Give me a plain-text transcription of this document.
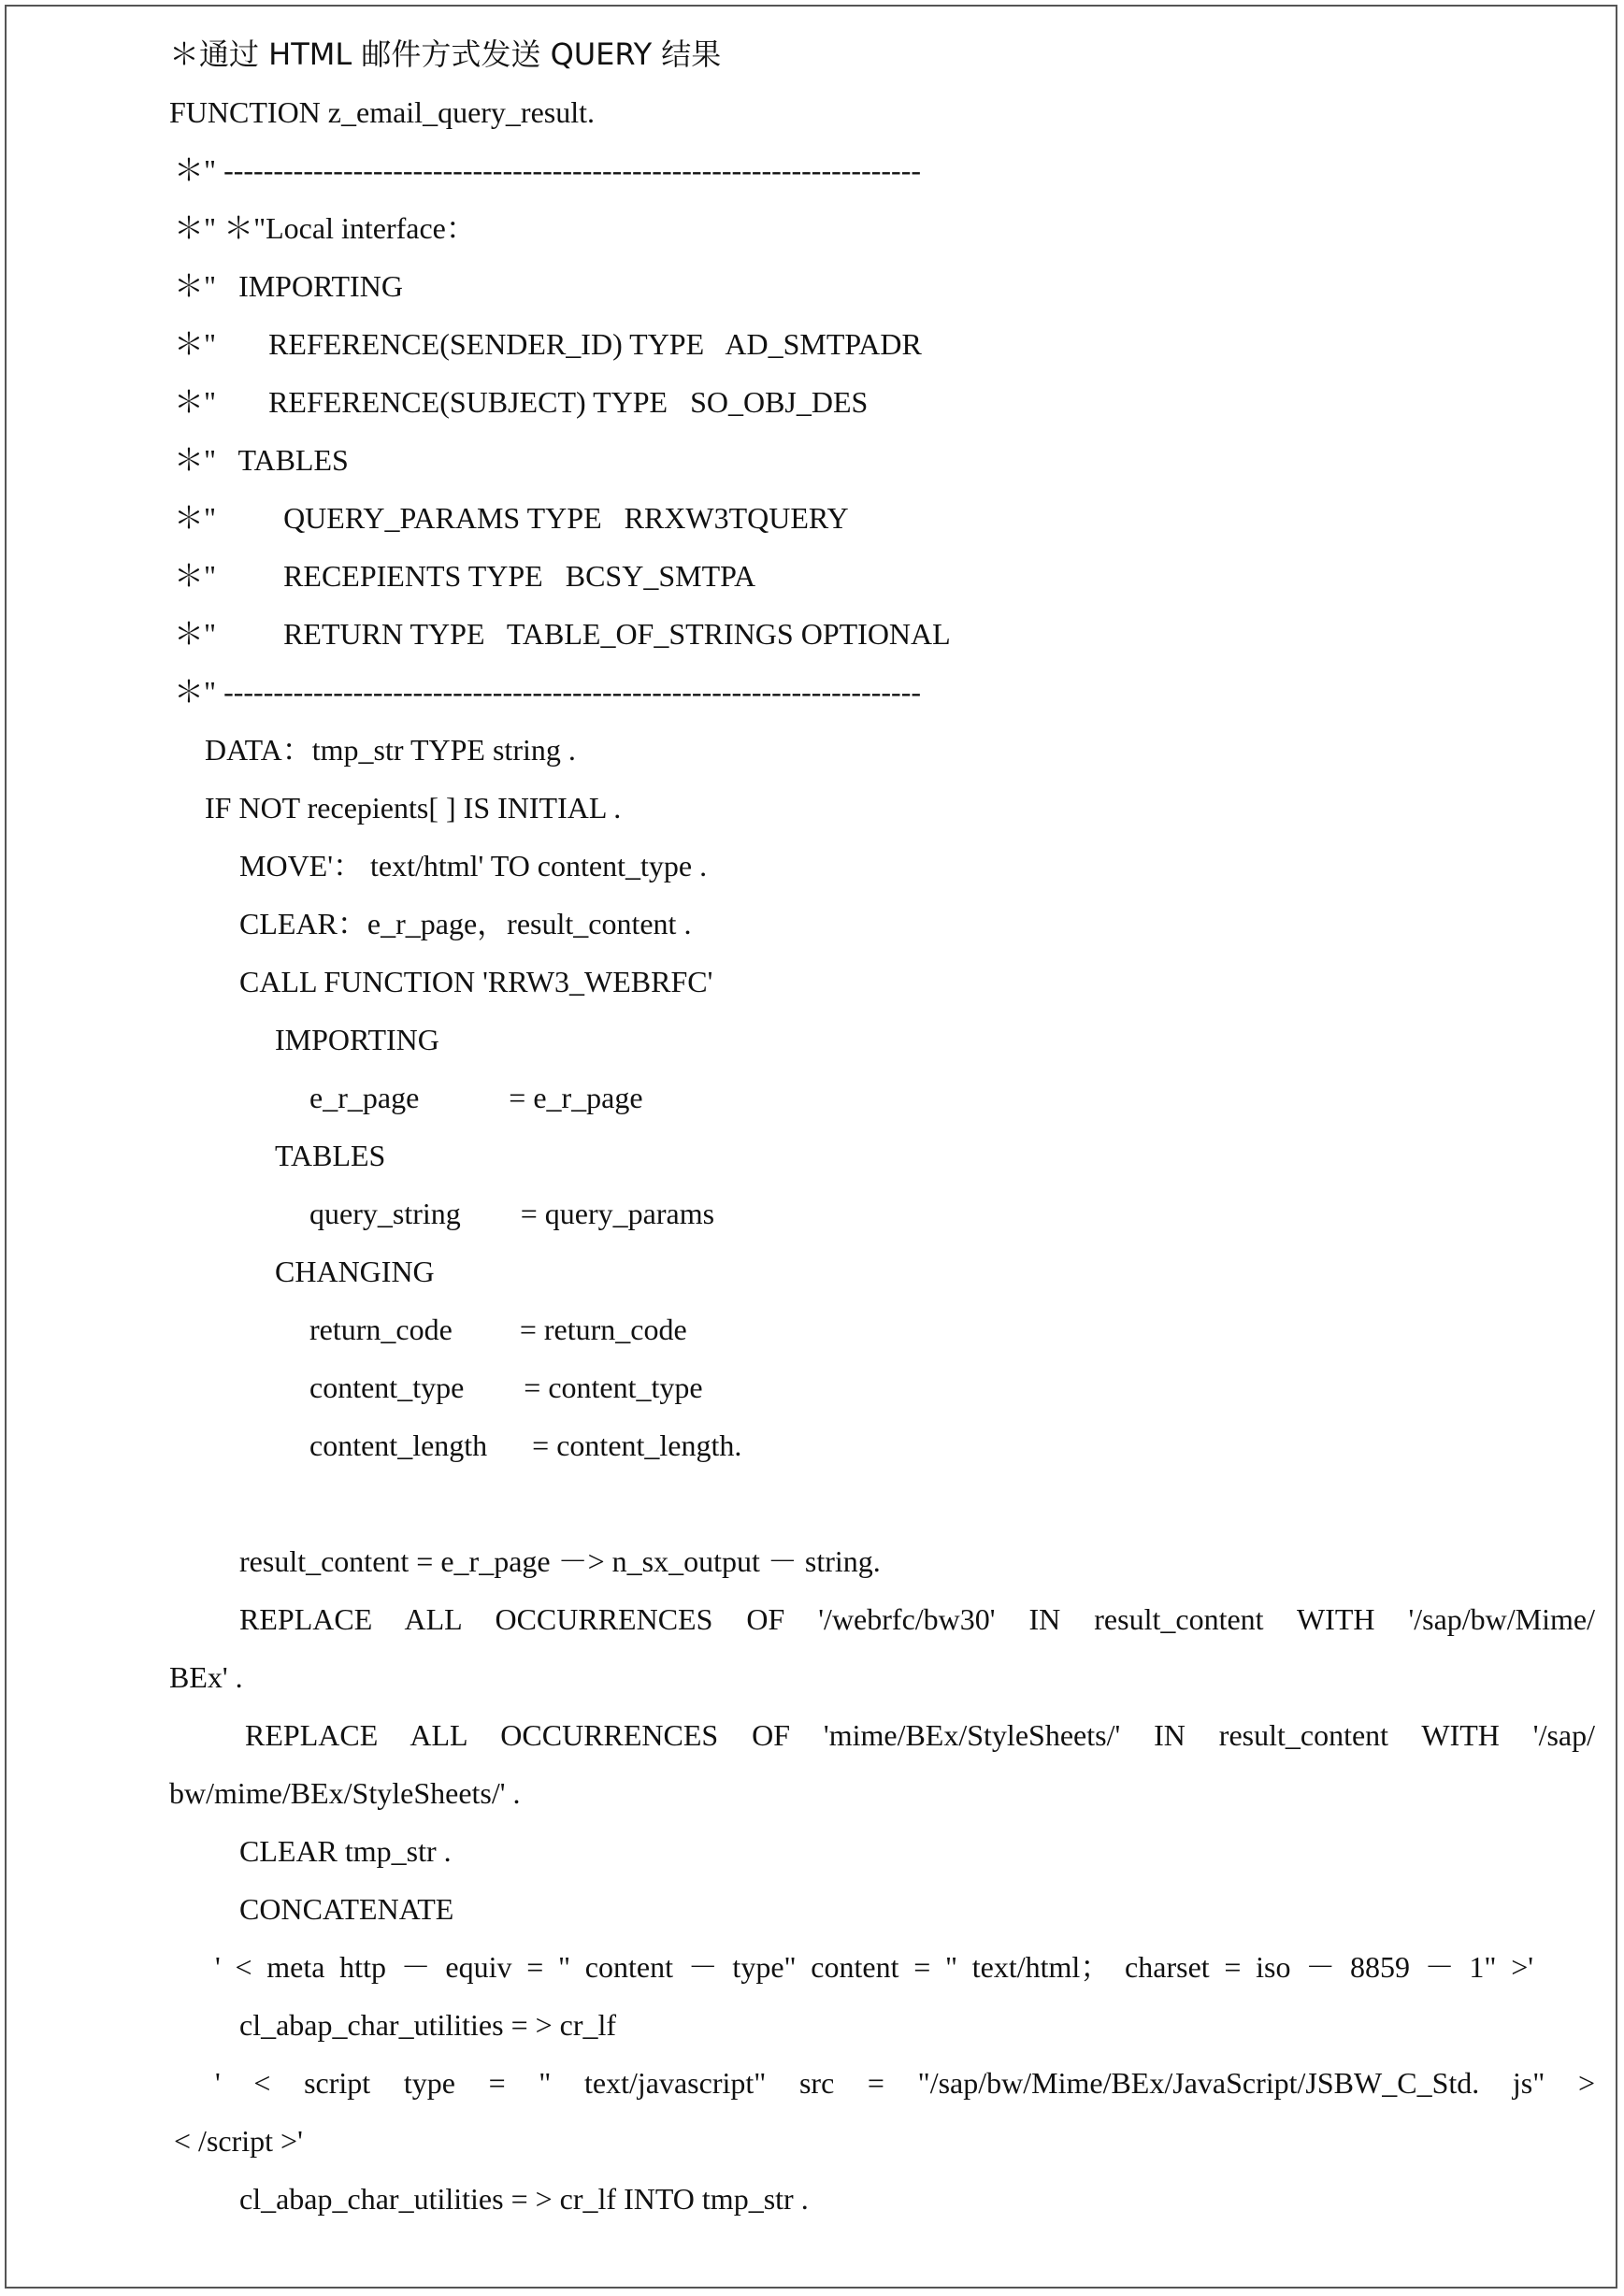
＊通过 HTML 邮件方式发送 QUERY 结果
FUNCTION z_email_query_result.
＊" ----------------------------------------------------------------------
＊" ＊"Local interface：
＊"   IMPORTING
＊"       REFERENCE(SENDER_ID) TYPE   AD_SMTPADR
＊"       REFERENCE(SUBJECT) TYPE   SO_OBJ_DES
＊"   TABLES
＊"         QUERY_PARAMS TYPE   RRXW3TQUERY
＊"         RECEPIENTS TYPE   BCSY_SMTPA
＊"         RETURN TYPE   TABLE_OF_STRINGS OPTIONAL
＊" ----------------------------------------------------------------------
DATA：tmp_str TYPE string .
IF NOT recepients[ ] IS INITIAL .
MOVE'： text/html' TO content_type .
CLEAR：e_r_page，result_content .
CALL FUNCTION 'RRW3_WEBRFC'
IMPORTING
e_r_page            = e_r_page
TABLES
query_string        = query_params
CHANGING
return_code         = return_code
content_type        = content_type
content_length      = content_length.
result_content = e_r_page －> n_sx_output － string.
REPLACE ALL OCCURRENCES OF '/webrfc/bw30' IN result_content WITH '/sap/bw/Mime/
BEx' .
REPLACE ALL OCCURRENCES OF 'mime/BEx/StyleSheets/' IN result_content WITH '/sap/
bw/mime/BEx/StyleSheets/' .
CLEAR tmp_str .
CONCATENATE
' < meta http － equiv = " content － type" content = " text/html； charset = iso － 8859 － 1" >'
cl_abap_char_utilities = > cr_lf
' < script type = " text/javascript" src = "/sap/bw/Mime/BEx/JavaScript/JSBW_C_Std. js" >
< /script >'
cl_abap_char_utilities = > cr_lf INTO tmp_str .
